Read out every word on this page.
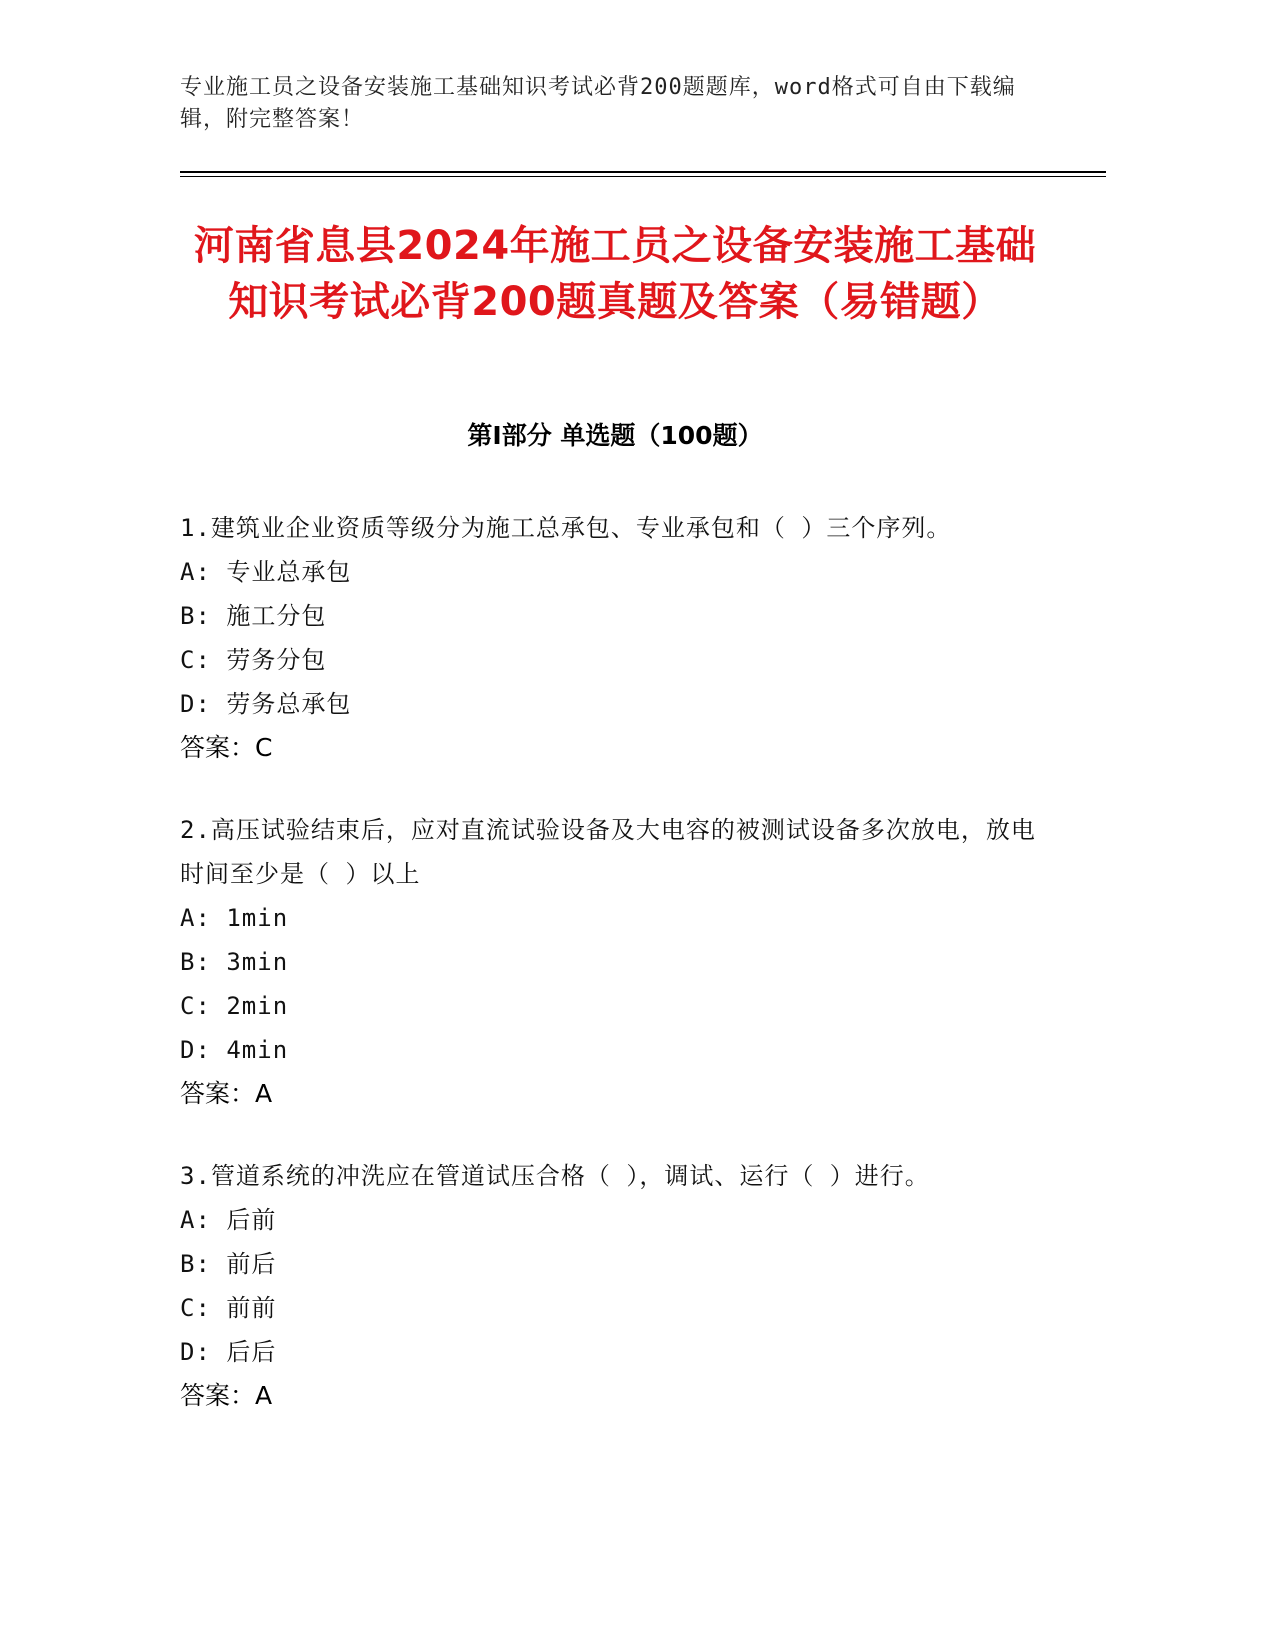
专业施工员之设备安装施工基础知识考试必背200题题库，word格式可自由下载编辑，附完整答案！
河南省息县2024年施工员之设备安装施工基础知识考试必背200题真题及答案（易错题）
第I部分 单选题（100题）
1.建筑业企业资质等级分为施工总承包、专业承包和（ ）三个序列。
A: 专业总承包
B: 施工分包
C: 劳务分包
D: 劳务总承包
答案：C
2.高压试验结束后，应对直流试验设备及大电容的被测试设备多次放电，放电时间至少是（ ）以上
A: 1min
B: 3min
C: 2min
D: 4min
答案：A
3.管道系统的冲洗应在管道试压合格（ ），调试、运行（ ）进行。
A: 后前
B: 前后
C: 前前
D: 后后
答案：A
